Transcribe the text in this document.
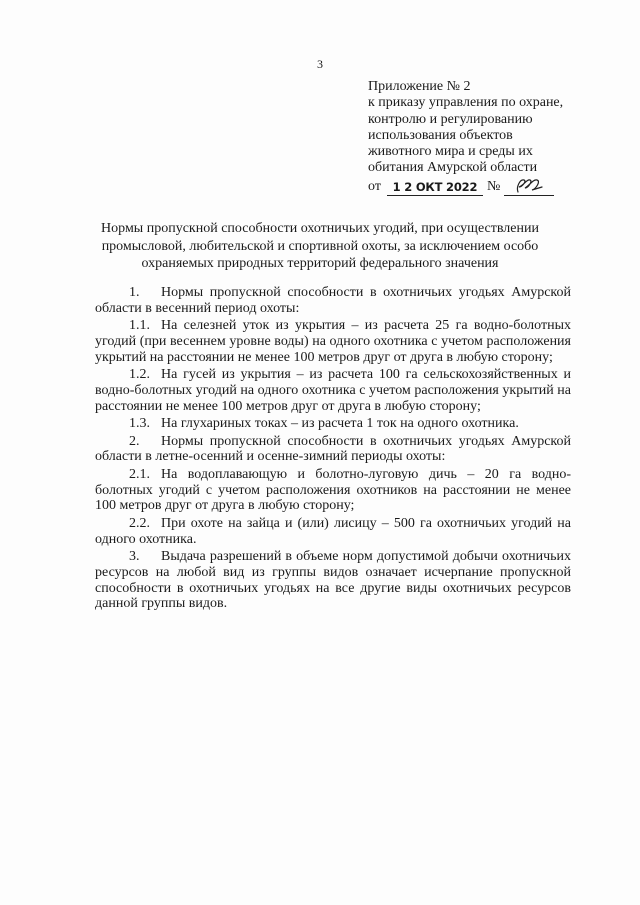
3
Приложение № 2
к приказу управления по охране,
контролю и регулированию
использования объектов
животного мира и среды их
обитания Амурской области
от	1 2 ОКТ 2022 №
Нормы пропускной способности охотничьих угодий, при осуществлении промысловой, любительской и спортивной охоты, за исключением особо охраняемых природных территорий федерального значения

1. Нормы пропускной способности в охотничьих угодьях Амурской области в весенний период охоты:

1.1. На селезней уток из укрытия – из расчета 25 га водно-болотных угодий (при весеннем уровне воды) на одного охотника с учетом расположения укрытий на расстоянии не менее 100 метров друг от друга в любую сторону;

1.2. На гусей из укрытия – из расчета 100 га сельскохозяйственных и водно-болотных угодий на одного охотника с учетом расположения укрытий на расстоянии не менее 100 метров друг от друга в любую сторону;

1.3. На глухариных токах – из расчета 1 ток на одного охотника.

2. Нормы пропускной способности в охотничьих угодьях Амурской области в летне-осенний и осенне-зимний периоды охоты:

2.1. На водоплавающую и болотно-луговую дичь – 20 га водно-болотных угодий с учетом расположения охотников на расстоянии не менее 100 метров друг от друга в любую сторону;

2.2. При охоте на зайца и (или) лисицу – 500 га охотничьих угодий на одного охотника.

3. Выдача разрешений в объеме норм допустимой добычи охотничьих ресурсов на любой вид из группы видов означает исчерпание пропускной способности в охотничьих угодьях на все другие виды охотничьих ресурсов данной группы видов.
